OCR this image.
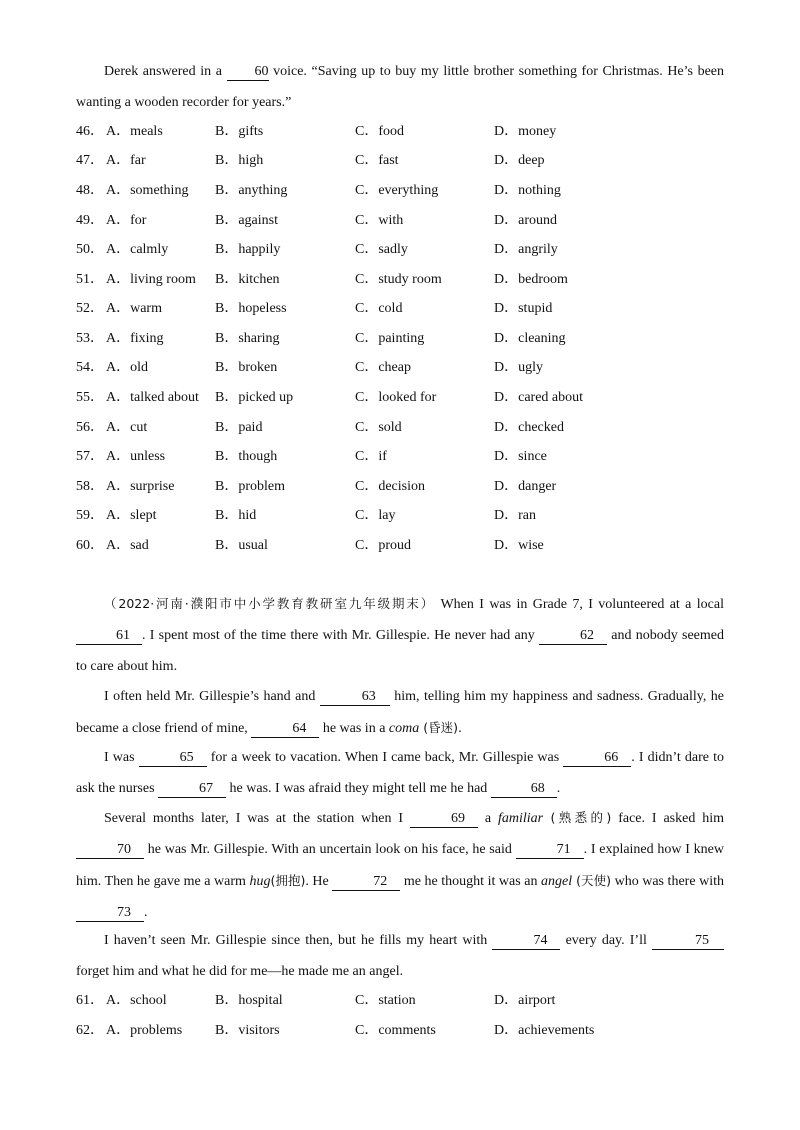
Derek answered in a 60 voice. “Saving up to buy my little brother something for Christmas. He’s been wanting a wooden recorder for years.”
46． A．meals	B．gifts	C．food	D．money
47． A．far	B．high	C．fast	D．deep
48． A．something B．anything	C．everything	D．nothing
49． A．for	B．against	C．with	D．around
50． A．calmly	B．happily	C．sadly	D．angrily
51． A．living room B．kitchen	C．study room	D．bedroom
52． A．warm	B．hopeless	C．cold	D．stupid
53． A．fixing	B．sharing	C．painting	D．cleaning
54． A．old	B．broken	C．cheap	D．ugly
55． A．talked about B．picked up	C．looked for	D．cared about
56． A．cut	B．paid	C．sold	D．checked
57． A．unless	B．though	C．if	D．since
58． A．surprise	B．problem	C．decision	D．danger
59． A．slept	B．hid	C．lay	D．ran
60． A．sad	B．usual	C．proud	D．wise
（2022·河南·濮阳市中小学教育教研室九年级期末） When I was in Grade 7, I volunteered at a local 61 . I spent most of the time there with Mr. Gillespie. He never had any	62 and nobody seemed to care about him.
I often held Mr. Gillespie’s hand and	63 him, telling him my happiness and sadness. Gradually, he became a close friend of mine,	64 he was in a coma (昏迷).
I was	65 for a week to vacation. When I came back, Mr. Gillespie was	66 . I didn’t dare to ask the nurses	67 he was. I was afraid they might tell me he had	68 .
Several months later, I was at the station when I	69 a familiar (熟悉的) face. I asked him 70 he was Mr. Gillespie. With an uncertain look on his face, he said	71 . I explained how I knew him. Then he gave me a warm hug(拥抱). He	72 me he thought it was an angel (天使) who was there with 73 .
I haven’t seen Mr. Gillespie since then, but he fills my heart with	74 every day. I’ll	75 forget him and what he did for me—he made me an angel.
61． A．school	B．hospital	C．station	D．airport
62． A．problems B．visitors	C．comments	D．achievements
